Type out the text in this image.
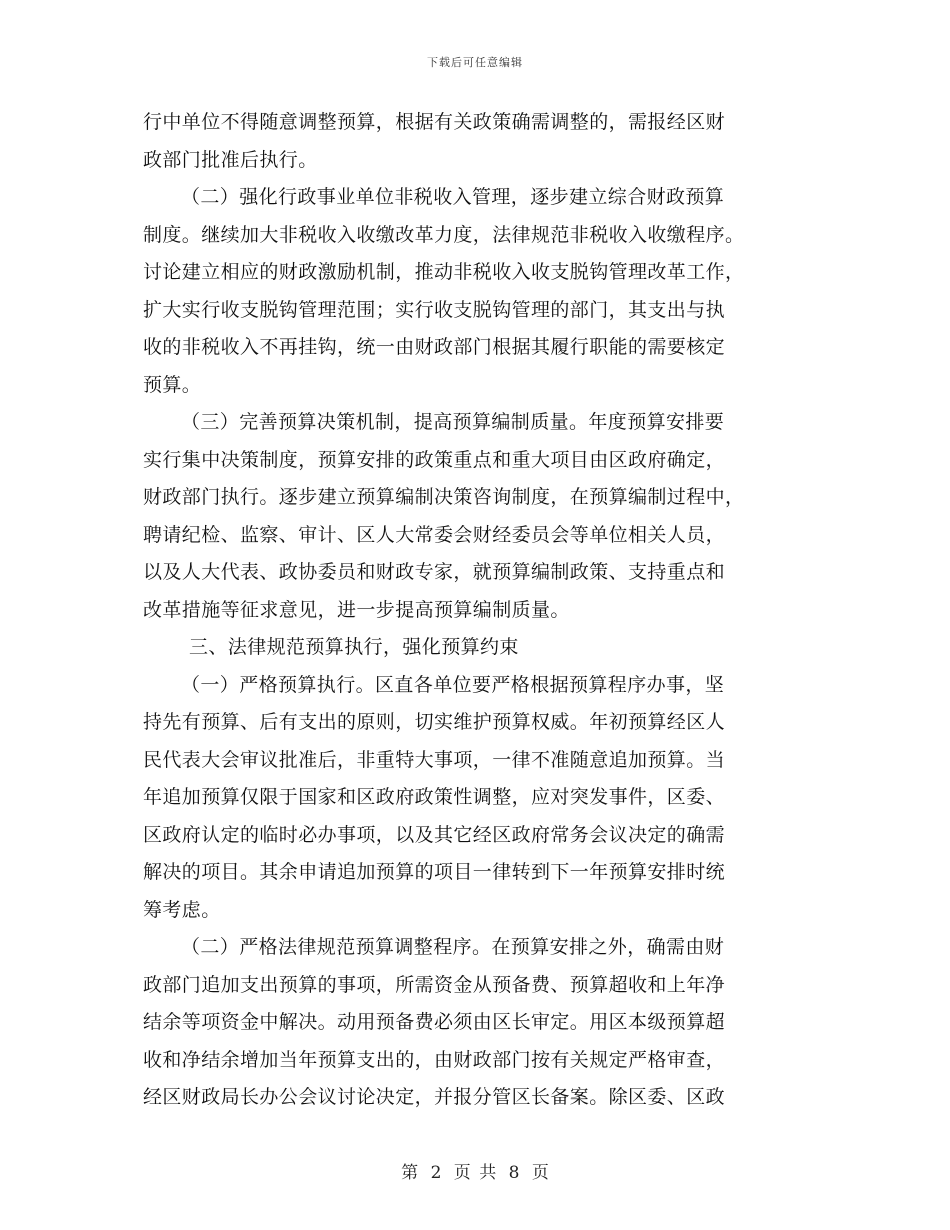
下载后可任意编辑
行中单位不得随意调整预算，根据有关政策确需调整的，需报经区财
政部门批准后执行。
（二）强化行政事业单位非税收入管理，逐步建立综合财政预算
制度。继续加大非税收入收缴改革力度，法律规范非税收入收缴程序。
讨论建立相应的财政激励机制，推动非税收入收支脱钩管理改革工作，
扩大实行收支脱钩管理范围；实行收支脱钩管理的部门，其支出与执
收的非税收入不再挂钩，统一由财政部门根据其履行职能的需要核定
预算。
（三）完善预算决策机制，提高预算编制质量。年度预算安排要
实行集中决策制度，预算安排的政策重点和重大项目由区政府确定，
财政部门执行。逐步建立预算编制决策咨询制度，在预算编制过程中，
聘请纪检、监察、审计、区人大常委会财经委员会等单位相关人员，
以及人大代表、政协委员和财政专家，就预算编制政策、支持重点和
改革措施等征求意见，进一步提高预算编制质量。
三、法律规范预算执行，强化预算约束
（一）严格预算执行。区直各单位要严格根据预算程序办事，坚
持先有预算、后有支出的原则，切实维护预算权威。年初预算经区人
民代表大会审议批准后，非重特大事项，一律不准随意追加预算。当
年追加预算仅限于国家和区政府政策性调整，应对突发事件，区委、
区政府认定的临时必办事项，以及其它经区政府常务会议决定的确需
解决的项目。其余申请追加预算的项目一律转到下一年预算安排时统
筹考虑。
（二）严格法律规范预算调整程序。在预算安排之外，确需由财
政部门追加支出预算的事项，所需资金从预备费、预算超收和上年净
结余等项资金中解决。动用预备费必须由区长审定。用区本级预算超
收和净结余增加当年预算支出的，由财政部门按有关规定严格审查，
经区财政局长办公会议讨论决定，并报分管区长备案。除区委、区政
第 2 页 共 8 页
